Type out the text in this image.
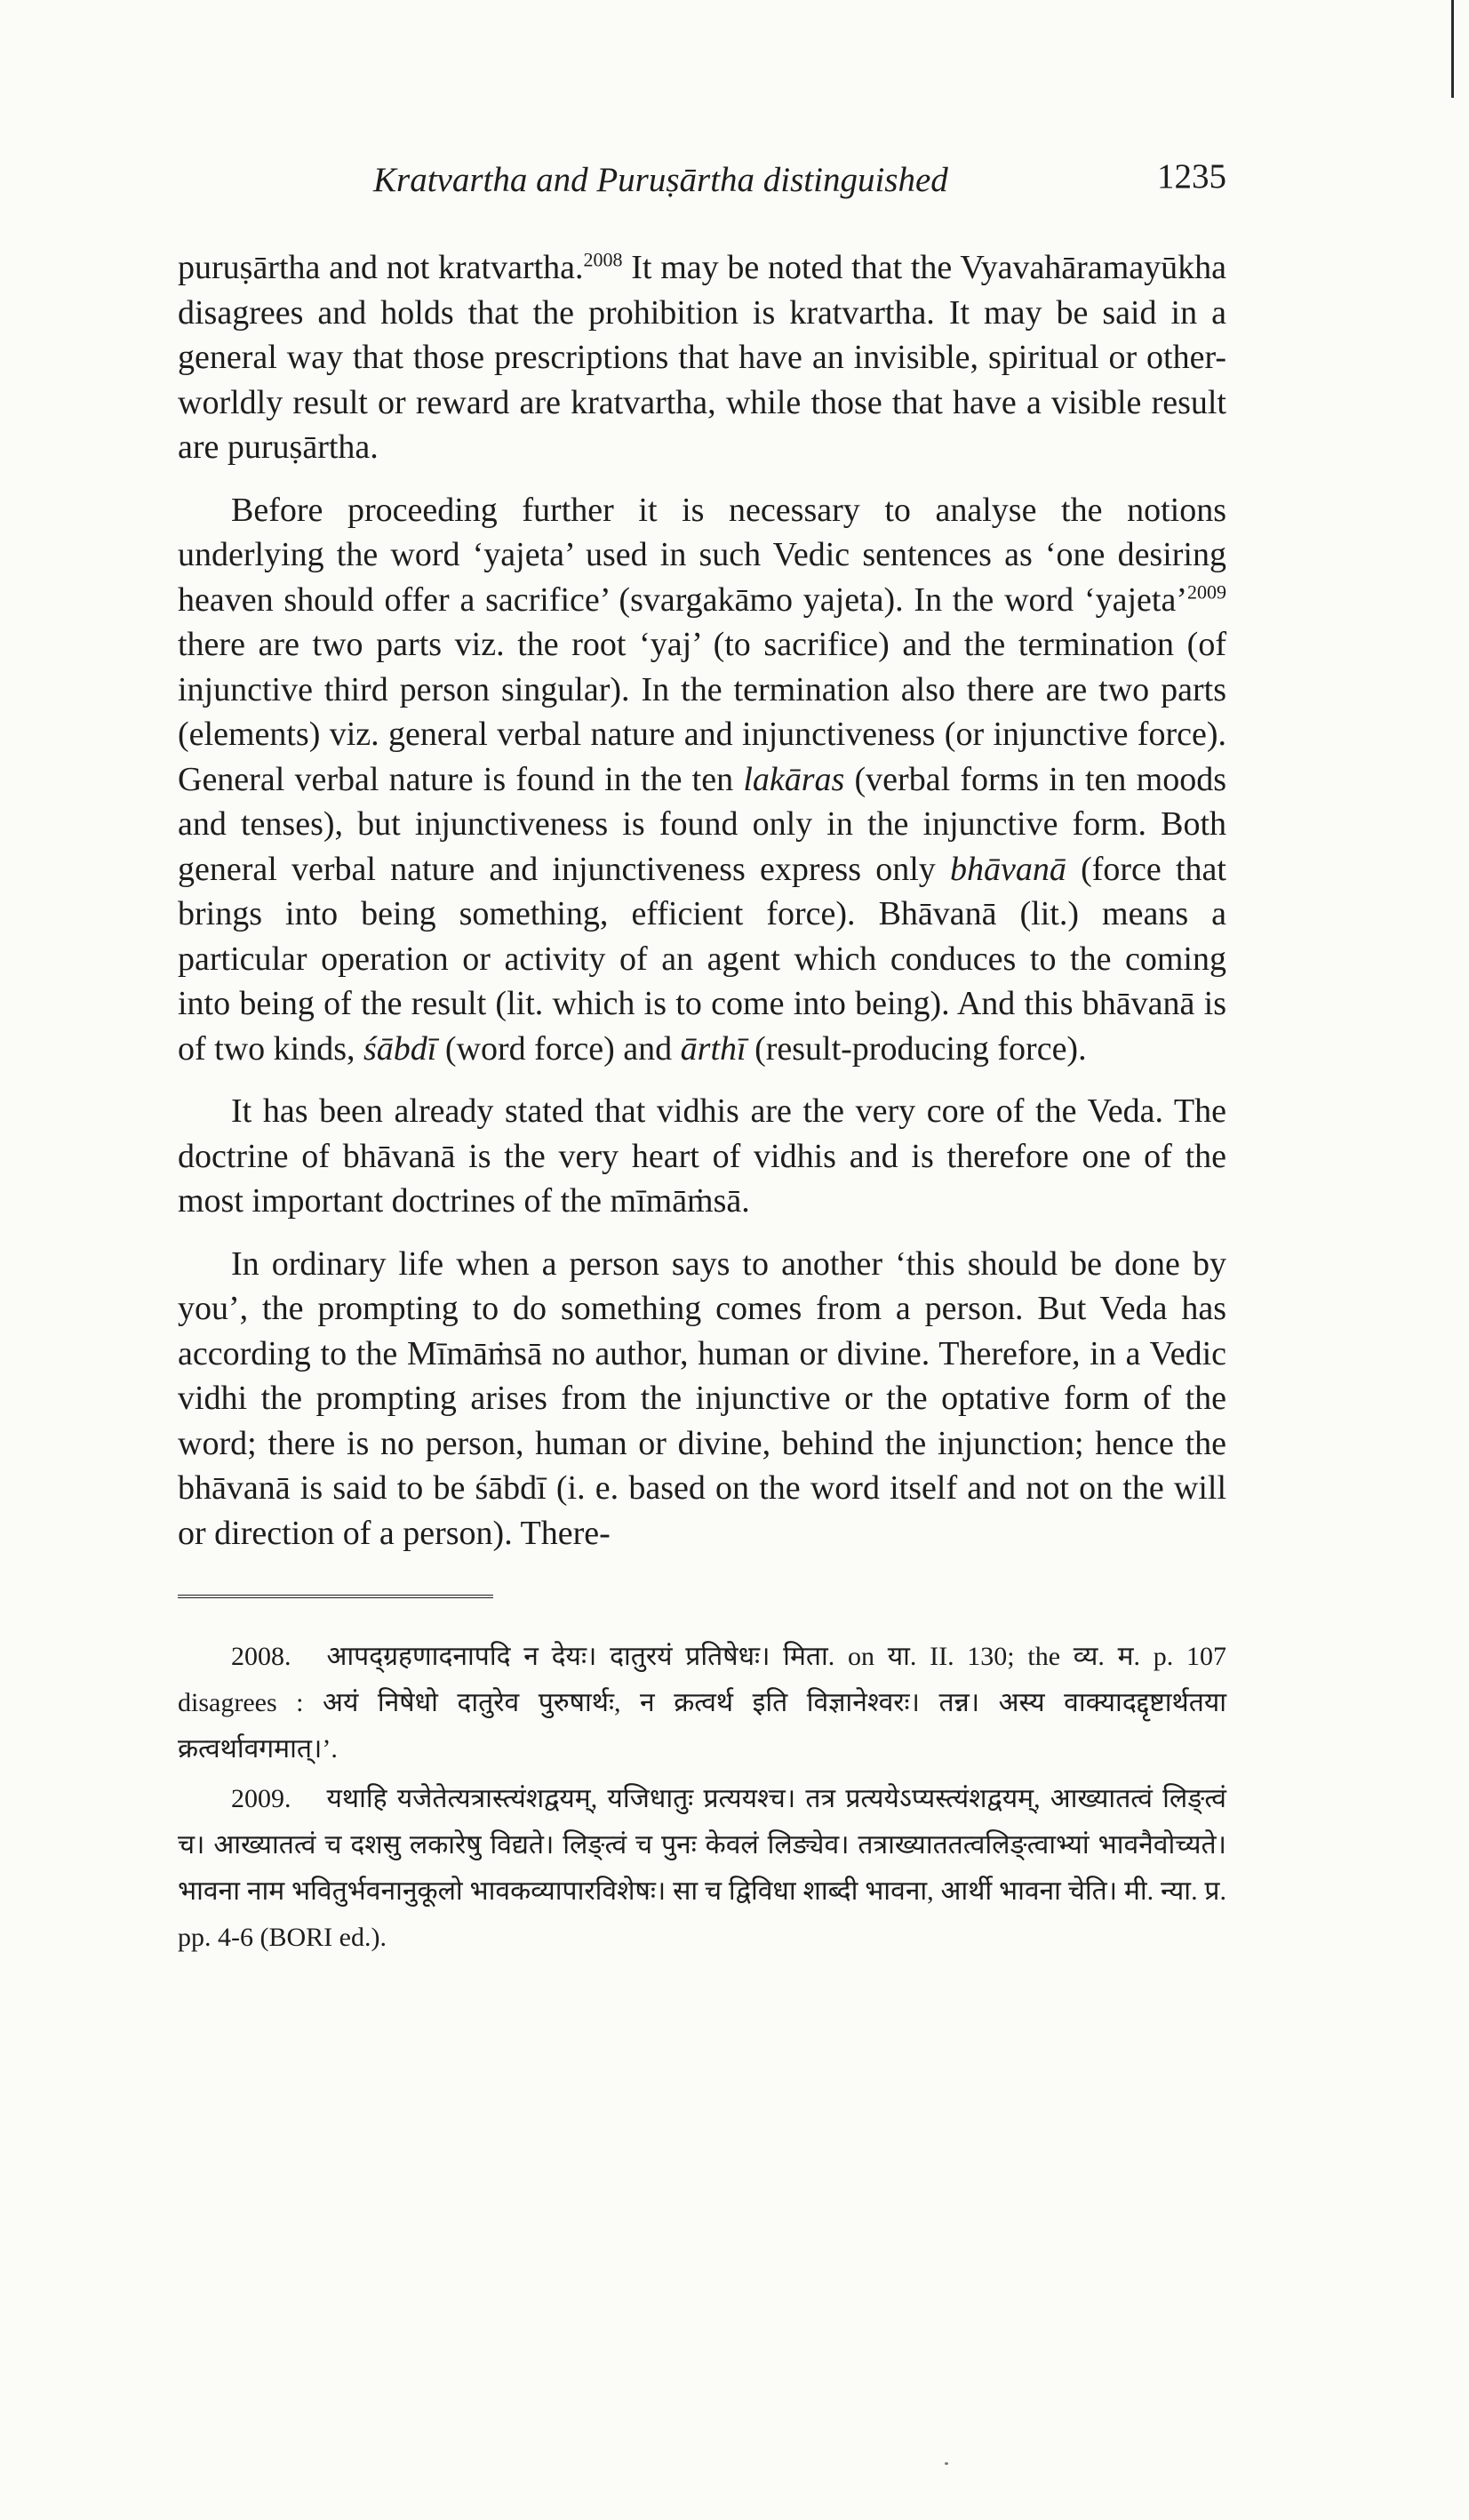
Kratvartha and Puruṣārtha distinguished	1235

puruṣārtha and not kratvartha.$^{2008}$ It may be noted that the Vyavahāramayūkha disagrees and holds that the prohibition is kratvartha. It may be said in a general way that those prescriptions that have an invisible, spiritual or other-worldly result or reward are kratvartha, while those that have a visible result are puruṣārtha.

Before proceeding further it is necessary to analyse the notions underlying the word ‘yajeta’ used in such Vedic sentences as ‘one desiring heaven should offer a sacrifice’ (svargakāmo yajeta). In the word ‘yajeta’$^{2009}$ there are two parts viz. the root ‘yaj’ (to sacrifice) and the termination (of injunctive third person singular). In the termination also there are two parts (elements) viz. general verbal nature and injunctiveness (or injunctive force). General verbal nature is found in the ten lakāras (verbal forms in ten moods and tenses), but injunctiveness is found only in the injunctive form. Both general verbal nature and injunctiveness express only bhāvanā (force that brings into being something, efficient force). Bhāvanā (lit.) means a particular operation or activity of an agent which conduces to the coming into being of the result (lit. which is to come into being). And this bhāvanā is of two kinds, śābdī (word force) and ārthī (result-producing force).

It has been already stated that vidhis are the very core of the Veda. The doctrine of bhāvanā is the very heart of vidhis and is therefore one of the most important doctrines of the mīmāṁsā.

In ordinary life when a person says to another ‘this should be done by you’, the prompting to do something comes from a person. But Veda has according to the Mīmāṁsā no author, human or divine. Therefore, in a Vedic vidhi the prompting arises from the injunctive or the optative form of the word; there is no person, human or divine, behind the injunction; hence the bhāvanā is said to be śābdī (i. e. based on the word itself and not on the will or direction of a person). There-

2008. आपद्ग्रहणादनापदि न देयः। दातुरयं प्रतिषेधः। मिता. on या. II. 130; the व्य. म. p. 107 disagrees : अयं निषेधो दातुरेव पुरुषार्थः, न क्रत्वर्थ इति विज्ञानेश्वरः। तन्न। अस्य वाक्यादद्दृष्टार्थतया क्रत्वर्थावगमात्।’.

2009. यथाहि यजेतेत्यत्रास्त्यंशद्वयम्, यजिधातुः प्रत्ययश्च। तत्र प्रत्ययेऽप्यस्त्यंशद्वयम्, आख्यातत्वं लिङ्त्वं च। आख्यातत्वं च दशसु लकारेषु विद्यते। लिङ्त्वं च पुनः केवलं लिङ्येव। तत्राख्याततत्वलिङ्त्वाभ्यां भावनैवोच्यते। भावना नाम भवितुर्भवनानुकूलो भावकव्यापारविशेषः। सा च द्विविधा शाब्दी भावना, आर्थी भावना चेति। मी. न्या. प्र. pp. 4-6 (BORI ed.).
